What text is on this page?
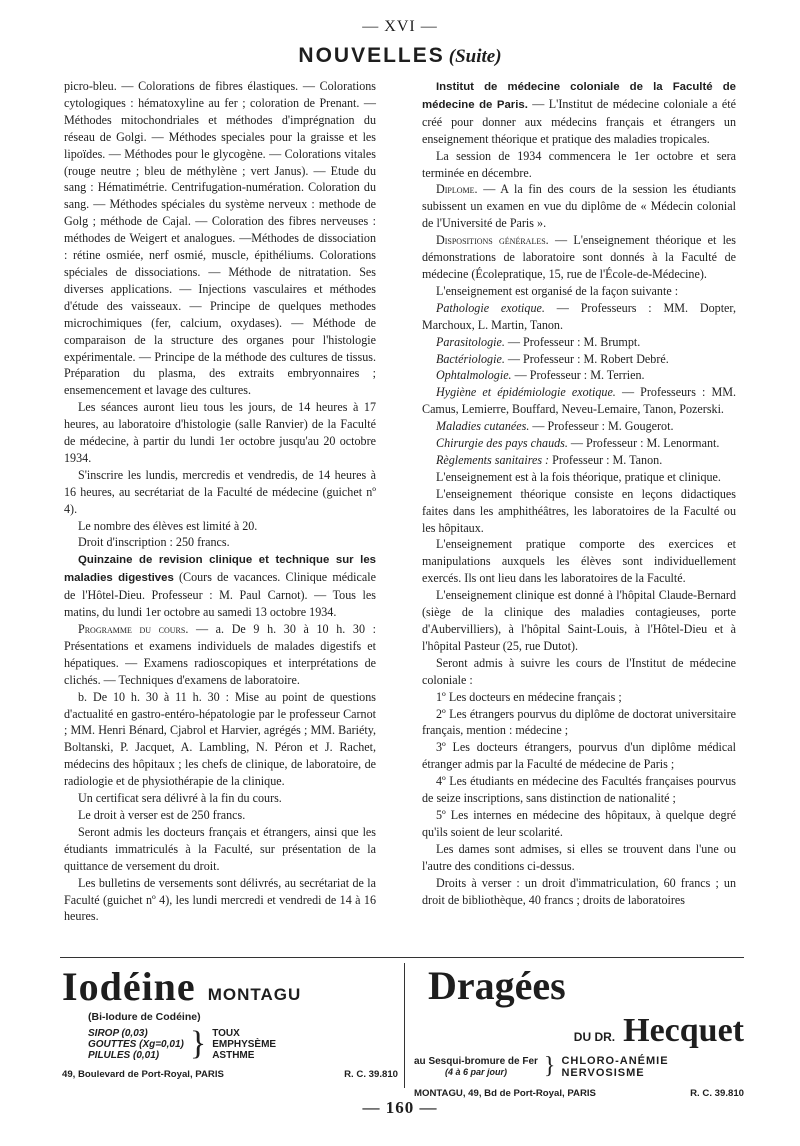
— XVI —
NOUVELLES (Suite)

picro-bleu. — Colorations de fibres élastiques. — Colorations cytologiques : hématoxyline au fer ; coloration de Prenant. — Méthodes mitochondriales et méthodes d'imprégnation du réseau de Golgi. — Méthodes speciales pour la graisse et les lipoïdes. — Méthodes pour le glycogène. — Colorations vitales (rouge neutre ; bleu de méthylène ; vert Janus). — Etude du sang : Hématimétrie. Centrifugation-numération. Coloration du sang. — Méthodes spéciales du système nerveux : methode de Golg ; méthode de Cajal. — Coloration des fibres nerveuses : méthodes de Weigert et analogues. —Méthodes de dissociation : rétine osmiée, nerf osmié, muscle, épithéliums. Colorations spéciales de dissociations. — Méthode de nitratation. Ses diverses applications. — Injections vasculaires et méthodes d'étude des vaisseaux. — Principe de quelques methodes microchimiques (fer, calcium, oxydases). — Méthode de comparaison de la structure des organes pour l'histologie expérimentale. — Principe de la méthode des cultures de tissus. Préparation du plasma, des extraits embryonnaires ; ensemencement et lavage des cultures.

Les séances auront lieu tous les jours, de 14 heures à 17 heures, au laboratoire d'histologie (salle Ranvier) de la Faculté de médecine, à partir du lundi 1er octobre jusqu'au 20 octobre 1934.

S'inscrire les lundis, mercredis et vendredis, de 14 heures à 16 heures, au secrétariat de la Faculté de médecine (guichet nº 4).

Le nombre des élèves est limité à 20.

Droit d'inscription : 250 francs.

Quinzaine de revision clinique et technique sur les maladies digestives (Cours de vacances. Clinique médicale de l'Hôtel-Dieu. Professeur : M. Paul Carnot). — Tous les matins, du lundi 1er octobre au samedi 13 octobre 1934.

Programme du cours. — a. De 9 h. 30 à 10 h. 30 : Présentations et examens individuels de malades digestifs et hépatiques. — Examens radioscopiques et interprétations de clichés. — Techniques d'examens de laboratoire.

b. De 10 h. 30 à 11 h. 30 : Mise au point de questions d'actualité en gastro-entéro-hépatologie par le professeur Carnot ; MM. Henri Bénard, Cjabrol et Harvier, agrégés ; MM. Bariéty, Boltanski, P. Jacquet, A. Lambling, N. Péron et J. Rachet, médecins des hôpitaux ; les chefs de clinique, de laboratoire, de radiologie et de physiothérapie de la clinique.

Un certificat sera délivré à la fin du cours.

Le droit à verser est de 250 francs.

Seront admis les docteurs français et étrangers, ainsi que les étudiants immatriculés à la Faculté, sur présentation de la quittance de versement du droit.

Les bulletins de versements sont délivrés, au secrétariat de la Faculté (guichet nº 4), les lundi mercredi et vendredi de 14 à 16 heures.

Institut de médecine coloniale de la Faculté de médecine de Paris. — L'Institut de médecine coloniale a été créé pour donner aux médecins français et étrangers un enseignement théorique et pratique des maladies tropicales.

La session de 1934 commencera le 1er octobre et sera terminée en décembre.

Diplome. — A la fin des cours de la session les étudiants subissent un examen en vue du diplôme de « Médecin colonial de l'Université de Paris ».

Dispositions générales. — L'enseignement théorique et les démonstrations de laboratoire sont donnés à la Faculté de médecine (Écolepratique, 15, rue de l'École-de-Médecine).

L'enseignement est organisé de la façon suivante :

Pathologie exotique. — Professeurs : MM. Dopter, Marchoux, L. Martin, Tanon.

Parasitologie. — Professeur : M. Brumpt.

Bactériologie. — Professeur : M. Robert Debré.

Ophtalmologie. — Professeur : M. Terrien.

Hygiène et épidémiologie exotique. — Professeurs : MM. Camus, Lemierre, Bouffard, Neveu-Lemaire, Tanon, Pozerski.

Maladies cutanées. — Professeur : M. Gougerot.

Chirurgie des pays chauds. — Professeur : M. Lenormant.

Règlements sanitaires : Professeur : M. Tanon.

L'enseignement est à la fois théorique, pratique et clinique.

L'enseignement théorique consiste en leçons didactiques faites dans les amphithéâtres, les laboratoires de la Faculté ou les hôpitaux.

L'enseignement pratique comporte des exercices et manipulations auxquels les élèves sont individuellement exercés. Ils ont lieu dans les laboratoires de la Faculté.

L'enseignement clinique est donné à l'hôpital Claude-Bernard (siège de la clinique des maladies contagieuses, porte d'Aubervilliers), à l'hôpital Saint-Louis, à l'Hôtel-Dieu et à l'hôpital Pasteur (25, rue Dutot).

Seront admis à suivre les cours de l'Institut de médecine coloniale :

1º Les docteurs en médecine français ;

2º Les étrangers pourvus du diplôme de doctorat universitaire français, mention : médecine ;

3º Les docteurs étrangers, pourvus d'un diplôme médical étranger admis par la Faculté de médecine de Paris ;

4º Les étudiants en médecine des Facultés françaises pourvus de seize inscriptions, sans distinction de nationalité ;

5º Les internes en médecine des hôpitaux, à quelque degré qu'ils soient de leur scolarité.

Les dames sont admises, si elles se trouvent dans l'une ou l'autre des conditions ci-dessus.

Droits à verser : un droit d'immatriculation, 60 francs ; un droit de bibliothèque, 40 francs ; droits de laboratoires

Iodéine MONTAGU
(Bi-Iodure de Codéine)
SIROP (0,03)
GOUTTES (Xg=0,01)
PILULES (0,01) } TOUX
EMPHYSÈME
ASTHME
49, Boulevard de Port-Royal, PARIS	R. C. 39.810
Dragées
DU DR. Hecquet
au Sesqui-bromure de Fer
(4 à 6 par jour)	} CHLORO-ANÉMIE
NERVOSISME
MONTAGU, 49, Bd de Port-Royal, PARIS	R. C. 39.810
— 160 —
